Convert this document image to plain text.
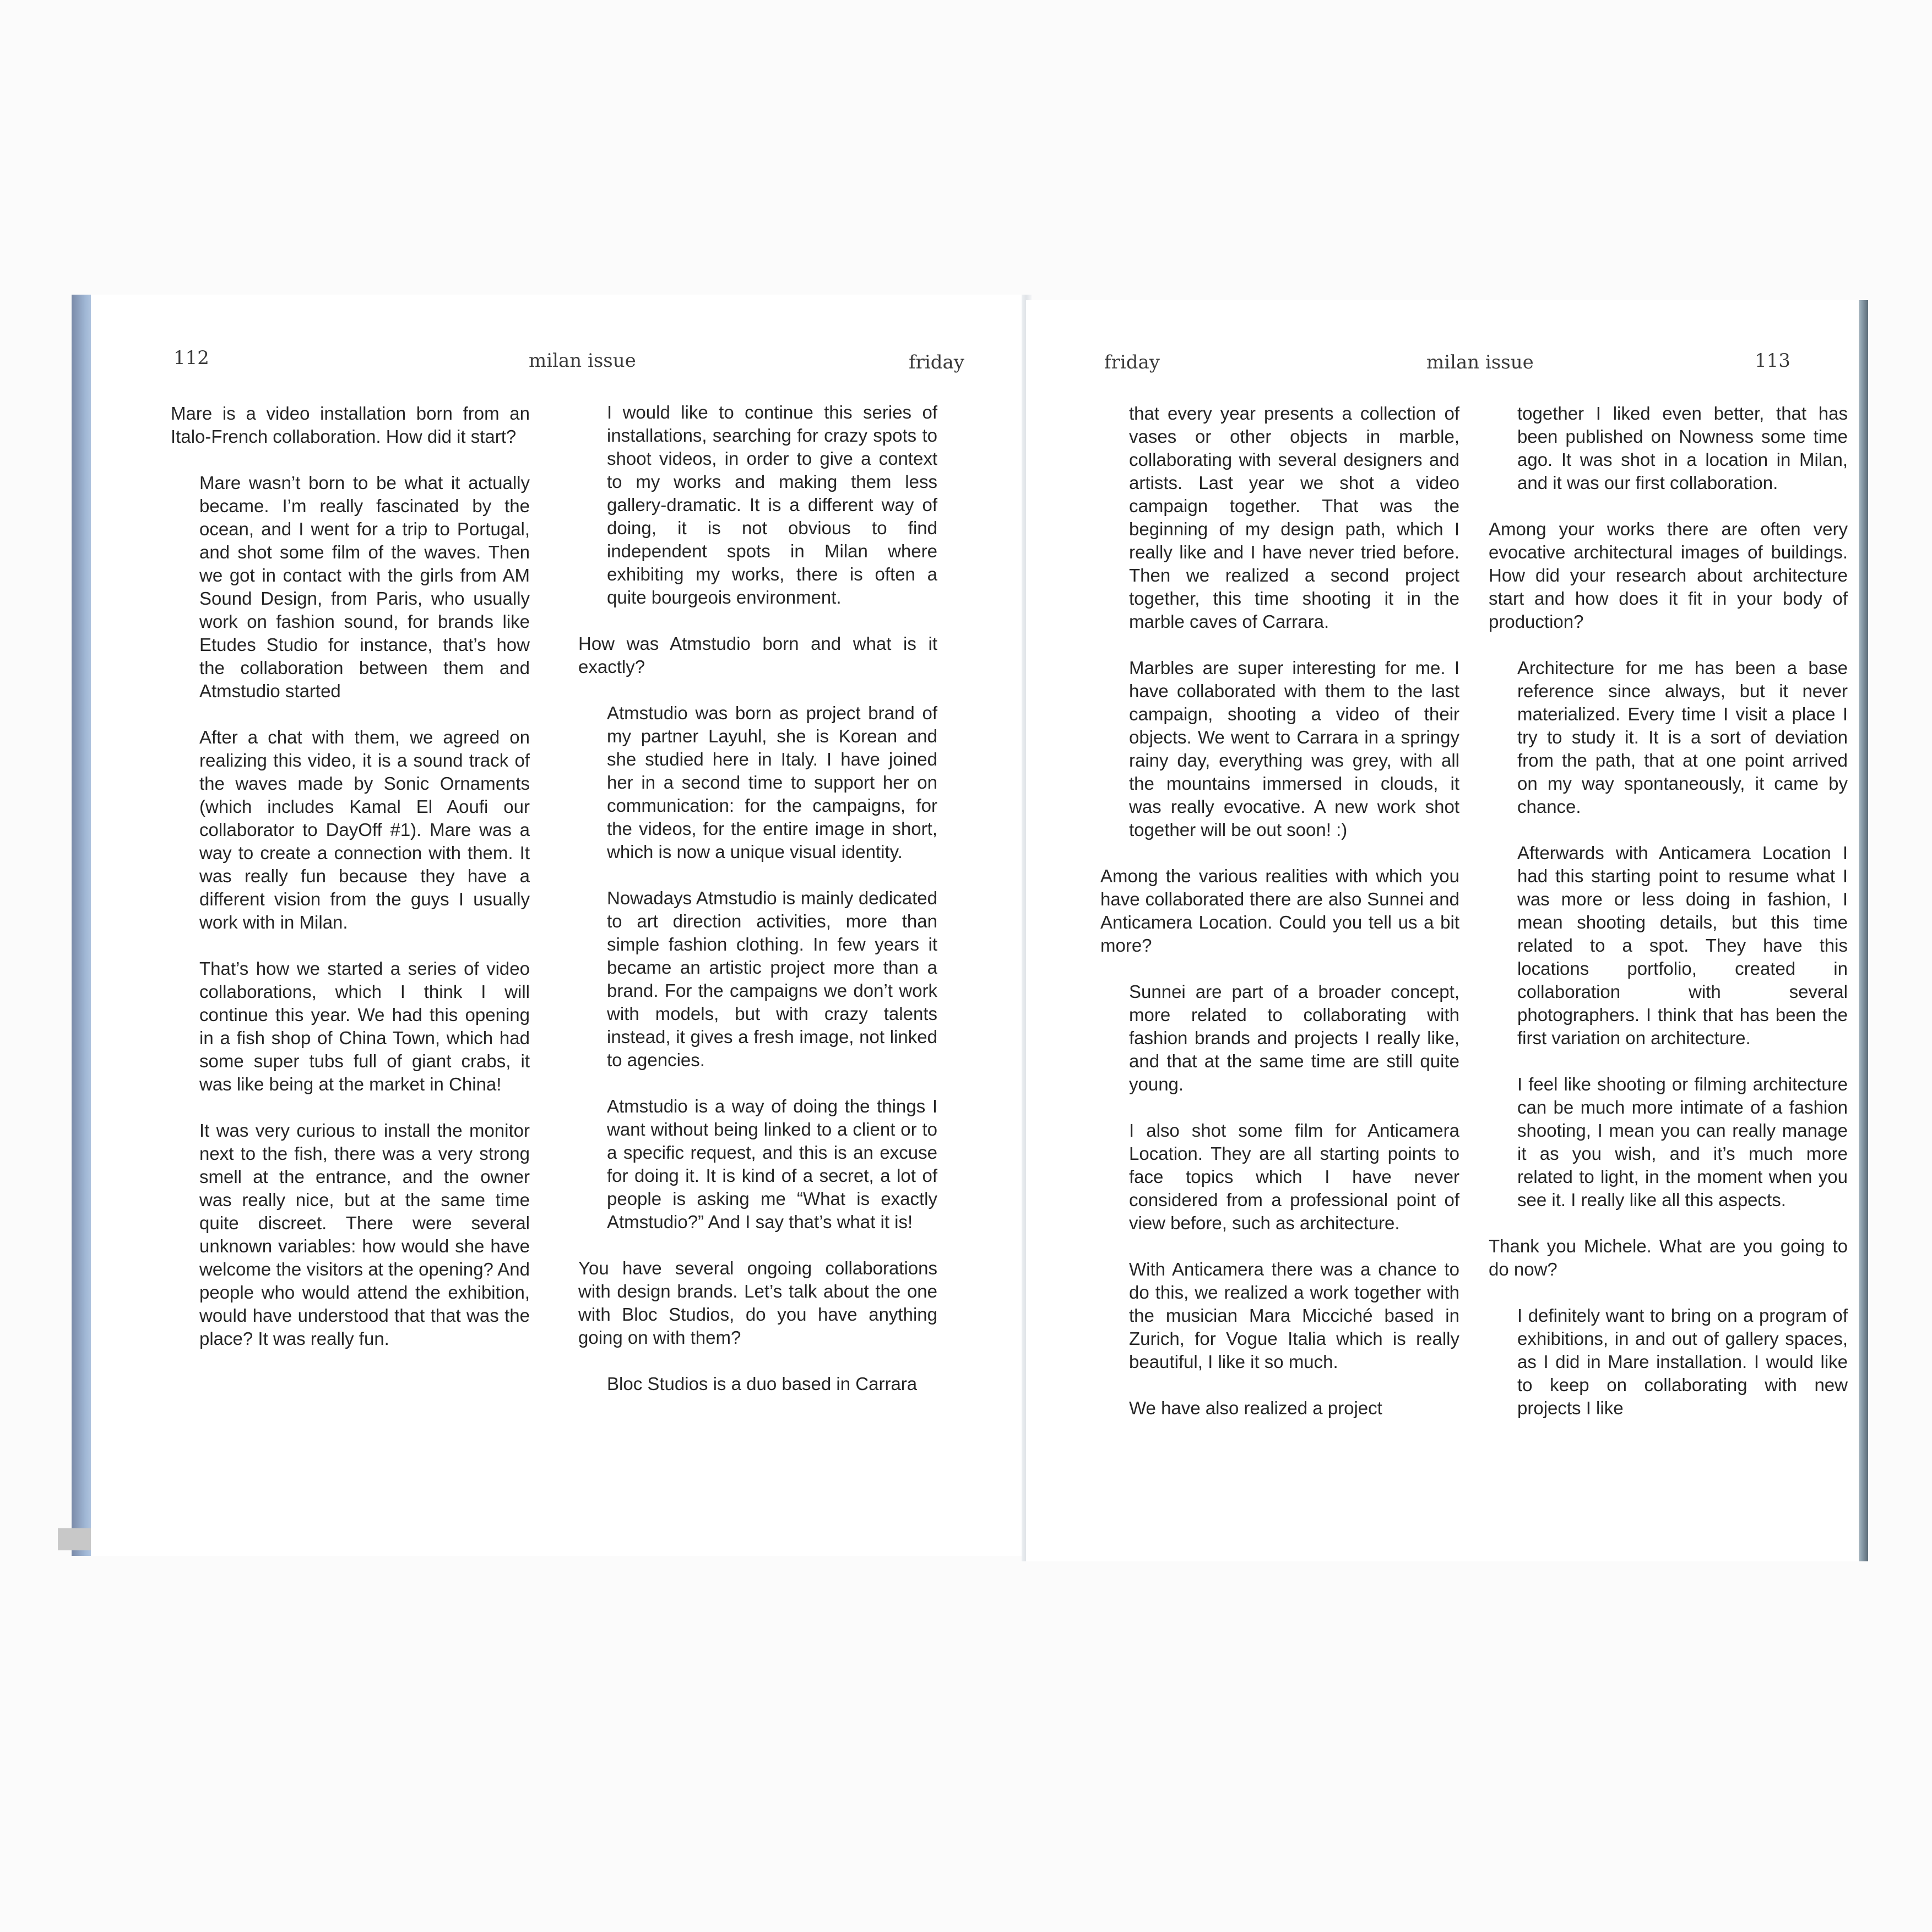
112	milan issue	friday

Mare is a video installation born from an Italo-French collaboration. How did it start?

Mare wasn’t born to be what it actually became. I’m really fascinated by the ocean, and I went for a trip to Portugal, and shot some film of the waves. Then we got in contact with the girls from AM Sound Design, from Paris, who usually work on fashion sound, for brands like Etudes Studio for instance, that’s how the collaboration between them and Atmstudio started

After a chat with them, we agreed on realizing this video, it is a sound track of the waves made by Sonic Ornaments (which includes Kamal El Aoufi our collaborator to DayOff #1). Mare was a way to create a connection with them. It was really fun because they have a different vision from the guys I usually work with in Milan.

That’s how we started a series of video collaborations, which I think I will continue this year. We had this opening in a fish shop of China Town, which had some super tubs full of giant crabs, it was like being at the market in China!

It was very curious to install the monitor next to the fish, there was a very strong smell at the entrance, and the owner was really nice, but at the same time quite discreet. There were several unknown variables: how would she have welcome the visitors at the opening? And people who would attend the exhibition, would have understood that that was the place? It was really fun.

I would like to continue this series of installations, searching for crazy spots to shoot videos, in order to give a context to my works and making them less gallery-dramatic. It is a different way of doing, it is not obvious to find independent spots in Milan where exhibiting my works, there is often a quite bourgeois environment.

How was Atmstudio born and what is it exactly?

Atmstudio was born as project brand of my partner Layuhl, she is Korean and she studied here in Italy. I have joined her in a second time to support her on communication: for the campaigns, for the videos, for the entire image in short, which is now a unique visual identity.

Nowadays Atmstudio is mainly dedicated to art direction activities, more than simple fashion clothing. In few years it became an artistic project more than a brand. For the campaigns we don’t work with models, but with crazy talents instead, it gives a fresh image, not linked to agencies.

Atmstudio is a way of doing the things I want without being linked to a client or to a specific request, and this is an excuse for doing it. It is kind of a secret, a lot of people is asking me “What is exactly Atmstudio?” And I say that’s what it is!

You have several ongoing collaborations with design brands. Let’s talk about the one with Bloc Studios, do you have anything going on with them?

Bloc Studios is a duo based in Carrara

friday	milan issue	113

that every year presents a collection of vases or other objects in marble, collaborating with several designers and artists. Last year we shot a video campaign together. That was the beginning of my design path, which I really like and I have never tried before. Then we realized a second project together, this time shooting it in the marble caves of Carrara.

Marbles are super interesting for me. I have collaborated with them to the last campaign, shooting a video of their objects. We went to Carrara in a springy rainy day, everything was grey, with all the mountains immersed in clouds, it was really evocative. A new work shot together will be out soon! :)

Among the various realities with which you have collaborated there are also Sunnei and Anticamera Location. Could you tell us a bit more?

Sunnei are part of a broader concept, more related to collaborating with fashion brands and projects I really like, and that at the same time are still quite young.

I also shot some film for Anticamera Location. They are all starting points to face topics which I have never considered from a professional point of view before, such as architecture.

With Anticamera there was a chance to do this, we realized a work together with the musician Mara Micciché based in Zurich, for Vogue Italia which is really beautiful, I like it so much.

We have also realized a project

together I liked even better, that has been published on Nowness some time ago. It was shot in a location in Milan, and it was our first collaboration.

Among your works there are often very evocative architectural images of buildings. How did your research about architecture start and how does it fit in your body of production?

Architecture for me has been a base reference since always, but it never materialized. Every time I visit a place I try to study it. It is a sort of deviation from the path, that at one point arrived on my way spontaneously, it came by chance.

Afterwards with Anticamera Location I had this starting point to resume what I was more or less doing in fashion, I mean shooting details, but this time related to a spot. They have this locations portfolio, created in collaboration with several photographers. I think that has been the first variation on architecture.

I feel like shooting or filming architecture can be much more intimate of a fashion shooting, I mean you can really manage it as you wish, and it’s much more related to light, in the moment when you see it. I really like all this aspects.

Thank you Michele. What are you going to do now?

I definitely want to bring on a program of exhibitions, in and out of gallery spaces, as I did in Mare installation. I would like to keep on collaborating with new projects I like
